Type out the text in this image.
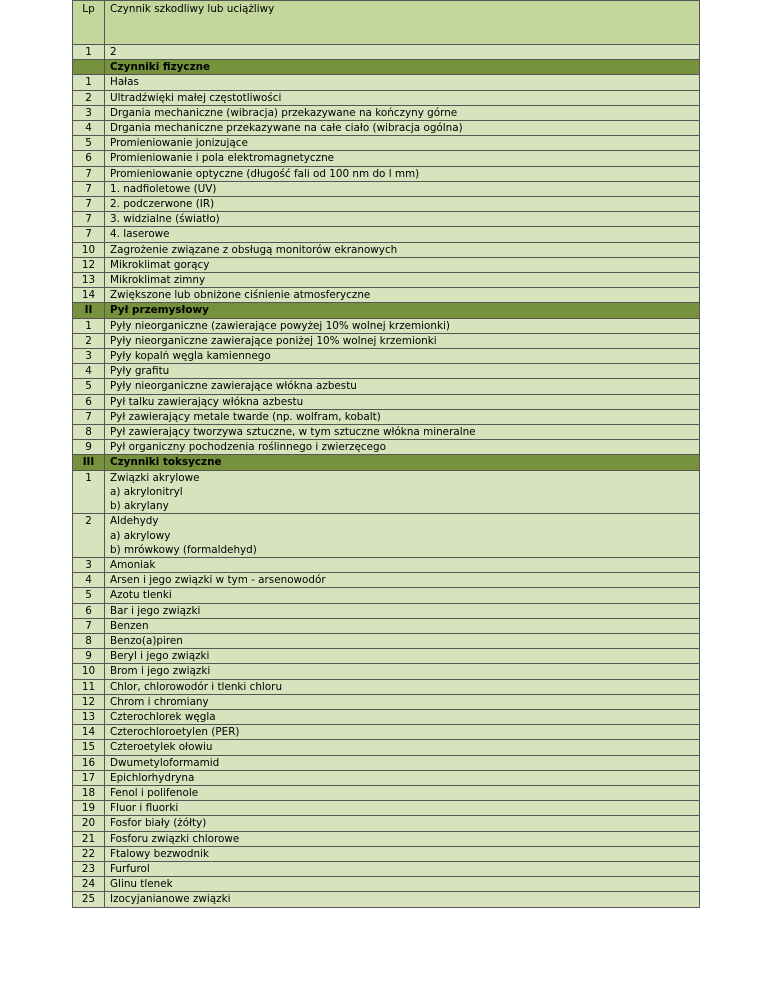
Lp	Czynnik szkodliwy lub uciążliwy
1	2
	Czynniki fizyczne
1	Hałas

2	Ultradźwięki małej częstotliwości

3	Drgania mechaniczne (wibracja) przekazywane na kończyny górne

4	Drgania mechaniczne przekazywane na całe ciało (wibracja ogólna)

5	Promieniowanie jonizujące

6	Promieniowanie i pola elektromagnetyczne

7	Promieniowanie optyczne (długość fali od 100 nm do l mm)

7	1. nadfioletowe (UV)

7	2. podczerwone (IR)

7	3. widzialne (światło)

7	4. laserowe

10	Zagrożenie związane z obsługą monitorów ekranowych

12	Mikroklimat gorący

13	Mikroklimat zimny

14	Zwiększone lub obniżone ciśnienie atmosferyczne

II	Pył przemysłowy
1	Pyły nieorganiczne (zawierające powyżej 10% wolnej krzemionki)

2	Pyły nieorganiczne zawierające poniżej 10% wolnej krzemionki

3	Pyły kopalń węgla kamiennego

4	Pyły grafitu

5	Pyły nieorganiczne zawierające włókna azbestu

6	Pył talku zawierający włókna azbestu

7	Pył zawierający metale twarde (np. wolfram, kobalt)

8	Pył zawierający tworzywa sztuczne, w tym sztuczne włókna mineralne

9	Pył organiczny pochodzenia roślinnego i zwierzęcego

III	Czynniki toksyczne
1	Związki akrylowe
a) akrylonitryl
b) akrylany

2	Aldehydy
a) akrylowy
b) mrówkowy (formaldehyd)

3	Amoniak

4	Arsen i jego związki w tym - arsenowodór

5	Azotu tlenki

6	Bar i jego związki

7	Benzen

8	Benzo(a)piren

9	Beryl i jego związki

10	Brom i jego związki

11	Chlor, chlorowodór i tlenki chloru

12	Chrom i chromiany

13	Czterochlorek węgla

14	Czterochloroetylen (PER)

15	Czteroetylek ołowiu

16	Dwumetyloformamid

17	Epichlorhydryna

18	Fenol i polifenole

19	Fluor i fluorki

20	Fosfor biały (żółty)

21	Fosforu związki chlorowe

22	Ftalowy bezwodnik

23	Furfurol

24	Glinu tlenek

25	Izocyjanianowe związki
